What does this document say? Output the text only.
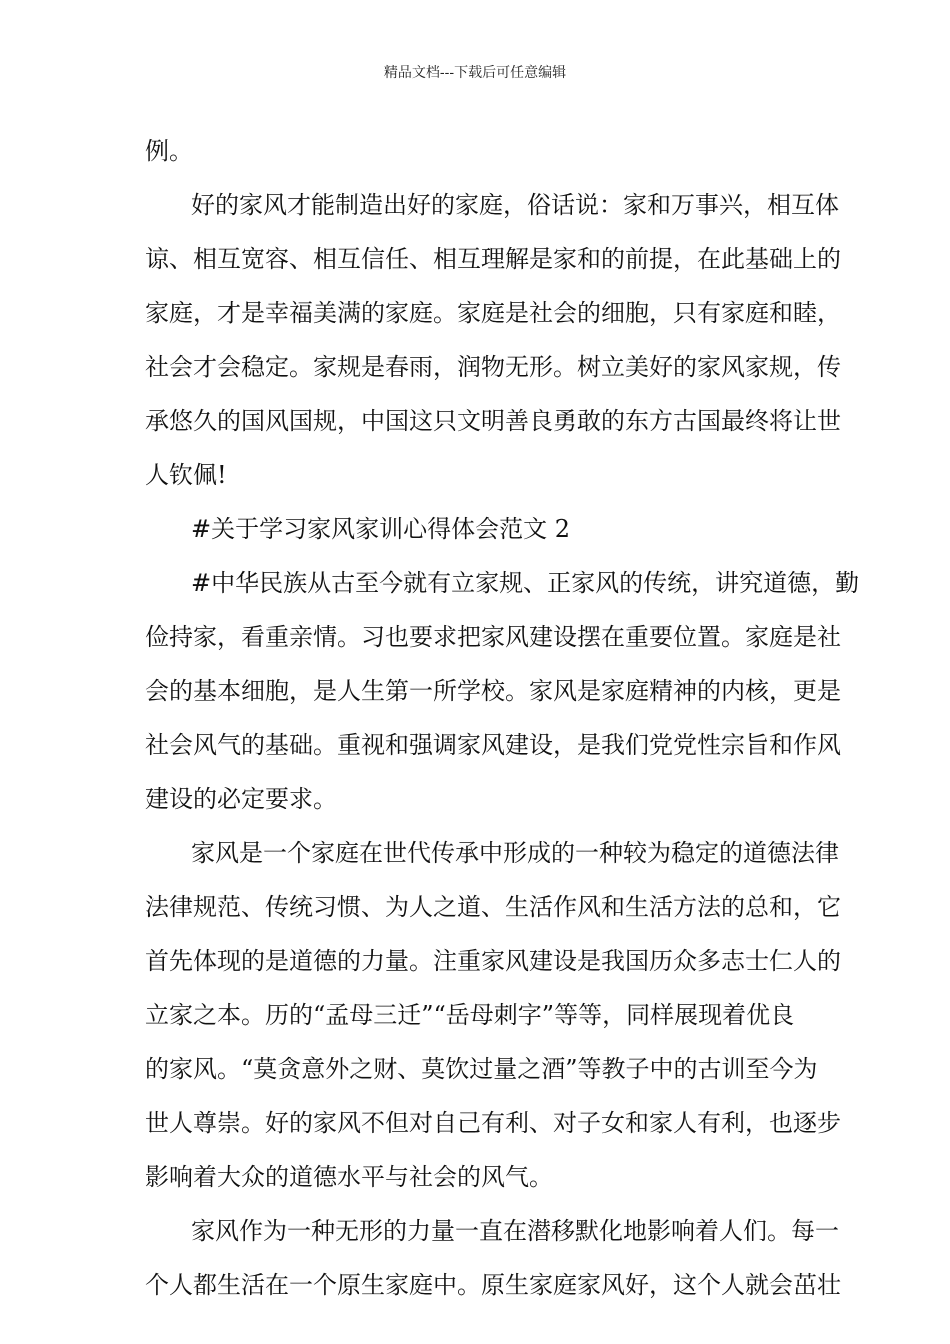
精品文档---下载后可任意编辑
例。
好的家风才能制造出好的家庭，俗话说：家和万事兴，相互体
谅、相互宽容、相互信任、相互理解是家和的前提，在此基础上的
家庭，才是幸福美满的家庭。家庭是社会的细胞，只有家庭和睦，
社会才会稳定。家规是春雨，润物无形。树立美好的家风家规，传
承悠久的国风国规，中国这只文明善良勇敢的东方古国最终将让世
人钦佩!
#关于学习家风家训心得体会范文 2
#中华民族从古至今就有立家规、正家风的传统，讲究道德，勤
俭持家，看重亲情。习也要求把家风建设摆在重要位置。家庭是社
会的基本细胞，是人生第一所学校。家风是家庭精神的内核，更是
社会风气的基础。重视和强调家风建设，是我们党党性宗旨和作风
建设的必定要求。
家风是一个家庭在世代传承中形成的一种较为稳定的道德法律
法律规范、传统习惯、为人之道、生活作风和生活方法的总和，它
首先体现的是道德的力量。注重家风建设是我国历众多志士仁人的
立家之本。历的“孟母三迁”“岳母刺字”等等，同样展现着优良
的家风。“莫贪意外之财、莫饮过量之酒”等教子中的古训至今为
世人尊崇。好的家风不但对自己有利、对子女和家人有利，也逐步
影响着大众的道德水平与社会的风气。
家风作为一种无形的力量一直在潜移默化地影响着人们。每一
个人都生活在一个原生家庭中。原生家庭家风好，这个人就会茁壮
